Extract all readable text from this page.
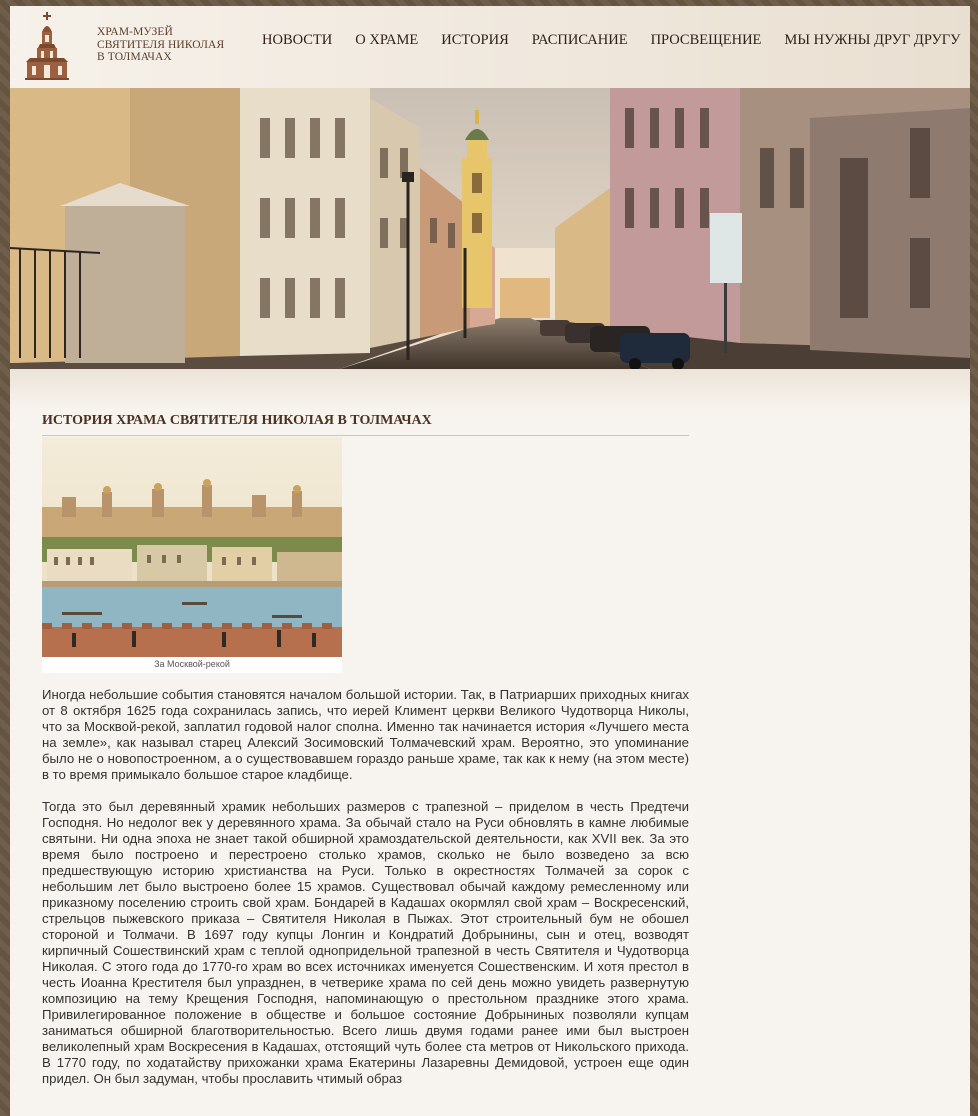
ХРАМ-МУЗЕЙ
СВЯТИТЕЛЯ НИКОЛАЯ
В ТОЛМАЧАХ
НОВОСТИ О ХРАМЕ ИСТОРИЯ РАСПИСАНИЕ ПРОСВЕЩЕНИЕ МЫ НУЖНЫ ДРУГ ДРУГУ
ИСТОРИЯ ХРАМА СВЯТИТЕЛЯ НИКОЛАЯ В ТОЛМАЧАХ
За Москвой-рекой

Иногда небольшие события становятся началом большой истории. Так, в Патриарших приходных книгах от 8 октября 1625 года сохранилась запись, что иерей Климент церкви Великого Чудотворца Николы, что за Москвой-рекой, заплатил годовой налог сполна. Именно так начинается история «Лучшего места на земле», как называл старец Алексий Зосимовский Толмачевский храм. Вероятно, это упоминание было не о новопостроенном, а о существовавшем гораздо раньше храме, так как к нему (на этом месте) в то время примыкало большое старое кладбище.

Тогда это был деревянный храмик небольших размеров с трапезной – приделом в честь Предтечи Господня. Но недолог век у деревянного храма. За обычай стало на Руси обновлять в камне любимые святыни. Ни одна эпоха не знает такой обширной храмоздательской деятельности, как XVII век. За это время было построено и перестроено столько храмов, сколько не было возведено за всю предшествующую историю христианства на Руси. Только в окрестностях Толмачей за сорок с небольшим лет было выстроено более 15 храмов. Существовал обычай каждому ремесленному или приказному поселению строить свой храм. Бондарей в Кадашах окормлял свой храм – Воскресенский, стрельцов пыжевского приказа – Святителя Николая в Пыжах. Этот строительный бум не обошел стороной и Толмачи. В 1697 году купцы Лонгин и Кондратий Добрынины, сын и отец, возводят кирпичный Сошествинский храм с теплой однопридельной трапезной в честь Святителя и Чудотворца Николая. С этого года до 1770-го храм во всех источниках именуется Сошественским. И хотя престол в честь Иоанна Крестителя был упразднен, в четверике храма по сей день можно увидеть развернутую композицию на тему Крещения Господня, напоминающую о престольном празднике этого храма. Привилегированное положение в обществе и большое состояние Добрыниных позволяли купцам заниматься обширной благотворительностью. Всего лишь двумя годами ранее ими был выстроен великолепный храм Воскресения в Кадашах, отстоящий чуть более ста метров от Никольского прихода. В 1770 году, по ходатайству прихожанки храма Екатерины Лазаревны Демидовой, устроен еще один придел. Он был задуман, чтобы прославить чтимый образ
